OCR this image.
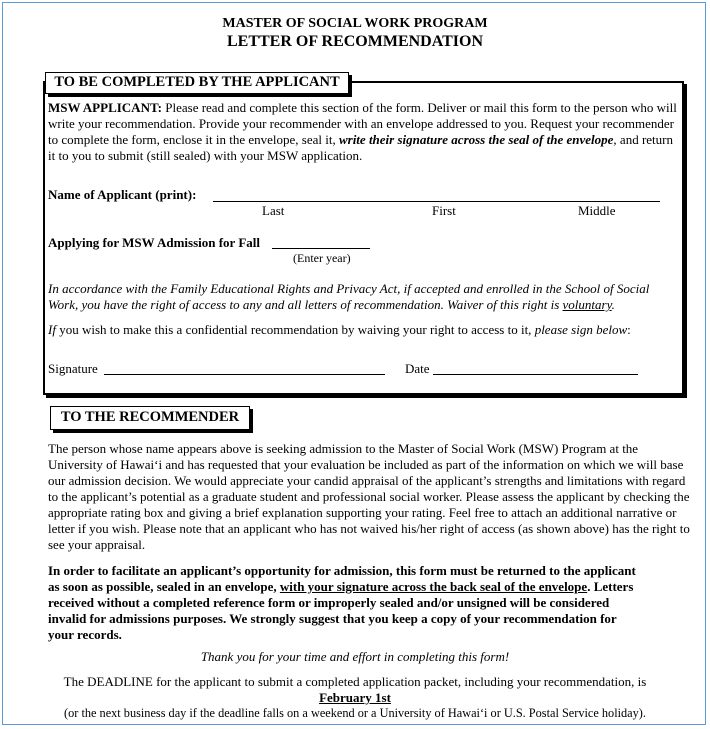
MASTER OF SOCIAL WORK PROGRAM
LETTER OF RECOMMENDATION
TO BE COMPLETED BY THE APPLICANT
MSW APPLICANT: Please read and complete this section of the form. Deliver or mail this form to the person who will write your recommendation. Provide your recommender with an envelope addressed to you. Request your recommender to complete the form, enclose it in the envelope, seal it, write their signature across the seal of the envelope, and return it to you to submit (still sealed) with your MSW application.
Name of Applicant (print):
Last	First	Middle
Applying for MSW Admission for Fall
(Enter year)
In accordance with the Family Educational Rights and Privacy Act, if accepted and enrolled in the School of Social Work, you have the right of access to any and all letters of recommendation. Waiver of this right is voluntary.
If you wish to make this a confidential recommendation by waiving your right to access to it, please sign below:
Signature	Date
TO THE RECOMMENDER
The person whose name appears above is seeking admission to the Master of Social Work (MSW) Program at the University of Hawai‘i and has requested that your evaluation be included as part of the information on which we will base our admission decision. We would appreciate your candid appraisal of the applicant’s strengths and limitations with regard to the applicant’s potential as a graduate student and professional social worker. Please assess the applicant by checking the appropriate rating box and giving a brief explanation supporting your rating. Feel free to attach an additional narrative or letter if you wish. Please note that an applicant who has not waived his/her right of access (as shown above) has the right to see your appraisal.
In order to facilitate an applicant’s opportunity for admission, this form must be returned to the applicant
as soon as possible, sealed in an envelope, with your signature across the back seal of the envelope. Letters
received without a completed reference form or improperly sealed and/or unsigned will be considered
invalid for admissions purposes. We strongly suggest that you keep a copy of your recommendation for
your records.
Thank you for your time and effort in completing this form!
The DEADLINE for the applicant to submit a completed application packet, including your recommendation, is
February 1st
(or the next business day if the deadline falls on a weekend or a University of Hawai‘i or U.S. Postal Service holiday).
